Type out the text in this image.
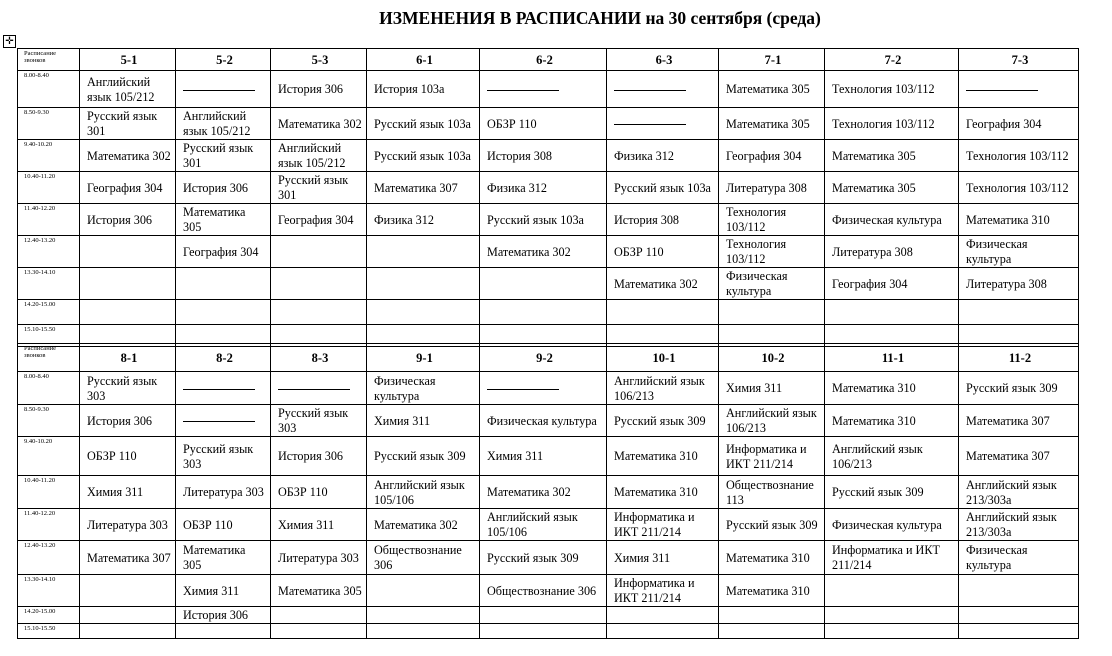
ИЗМЕНЕНИЯ В РАСПИСАНИИ на 30 сентября (среда)
✛
Расписание звонков	5-1	5-2	5-3	6-1	6-2	6-3	7-1	7-2	7-3
8.00-8.40	Английский язык 105/212		История 306	История 103а			Математика 305	Технология 103/112	
8.50-9.30	Русский язык 301	Английский язык 105/212	Математика 302	Русский язык 103а	ОБЗР 110		Математика 305	Технология 103/112	География 304
9.40-10.20	Математика 302	Русский язык 301	Английский язык 105/212	Русский язык 103а	История 308	Физика 312	География 304	Математика 305	Технология 103/112
10.40-11.20	География 304	История 306	Русский язык 301	Математика 307	Физика 312	Русский язык 103а	Литература 308	Математика 305	Технология 103/112
11.40-12.20	История 306	Математика 305	География 304	Физика 312	Русский язык 103а	История 308	Технология 103/112	Физическая культура	Математика 310
12.40-13.20		География 304			Математика 302	ОБЗР 110	Технология 103/112	Литература 308	Физическая культура
13.30-14.10						Математика 302	Физическая культура	География 304	Литература 308
14.20-15.00									
15.10-15.50									
Расписание звонков	8-1	8-2	8-3	9-1	9-2	10-1	10-2	11-1	11-2
8.00-8.40	Русский язык 303			Физическая культура		Английский язык 106/213	Химия 311	Математика 310	Русский язык 309
8.50-9.30	История 306		Русский язык 303	Химия 311	Физическая культура	Русский язык 309	Английский язык 106/213	Математика 310	Математика 307
9.40-10.20	ОБЗР 110	Русский язык 303	История 306	Русский язык 309	Химия 311	Математика 310	Информатика и ИКТ 211/214	Английский язык 106/213	Математика 307
10.40-11.20	Химия 311	Литература 303	ОБЗР 110	Английский язык 105/106	Математика 302	Математика 310	Обществознание 113	Русский язык 309	Английский язык 213/303а
11.40-12.20	Литература 303	ОБЗР 110	Химия 311	Математика 302	Английский язык 105/106	Информатика и ИКТ 211/214	Русский язык 309	Физическая культура	Английский язык 213/303а
12.40-13.20	Математика 307	Математика 305	Литература 303	Обществознание 306	Русский язык 309	Химия 311	Математика 310	Информатика и ИКТ 211/214	Физическая культура
13.30-14.10		Химия 311	Математика 305		Обществознание 306	Информатика и ИКТ 211/214	Математика 310		
14.20-15.00		История 306							
15.10-15.50									
